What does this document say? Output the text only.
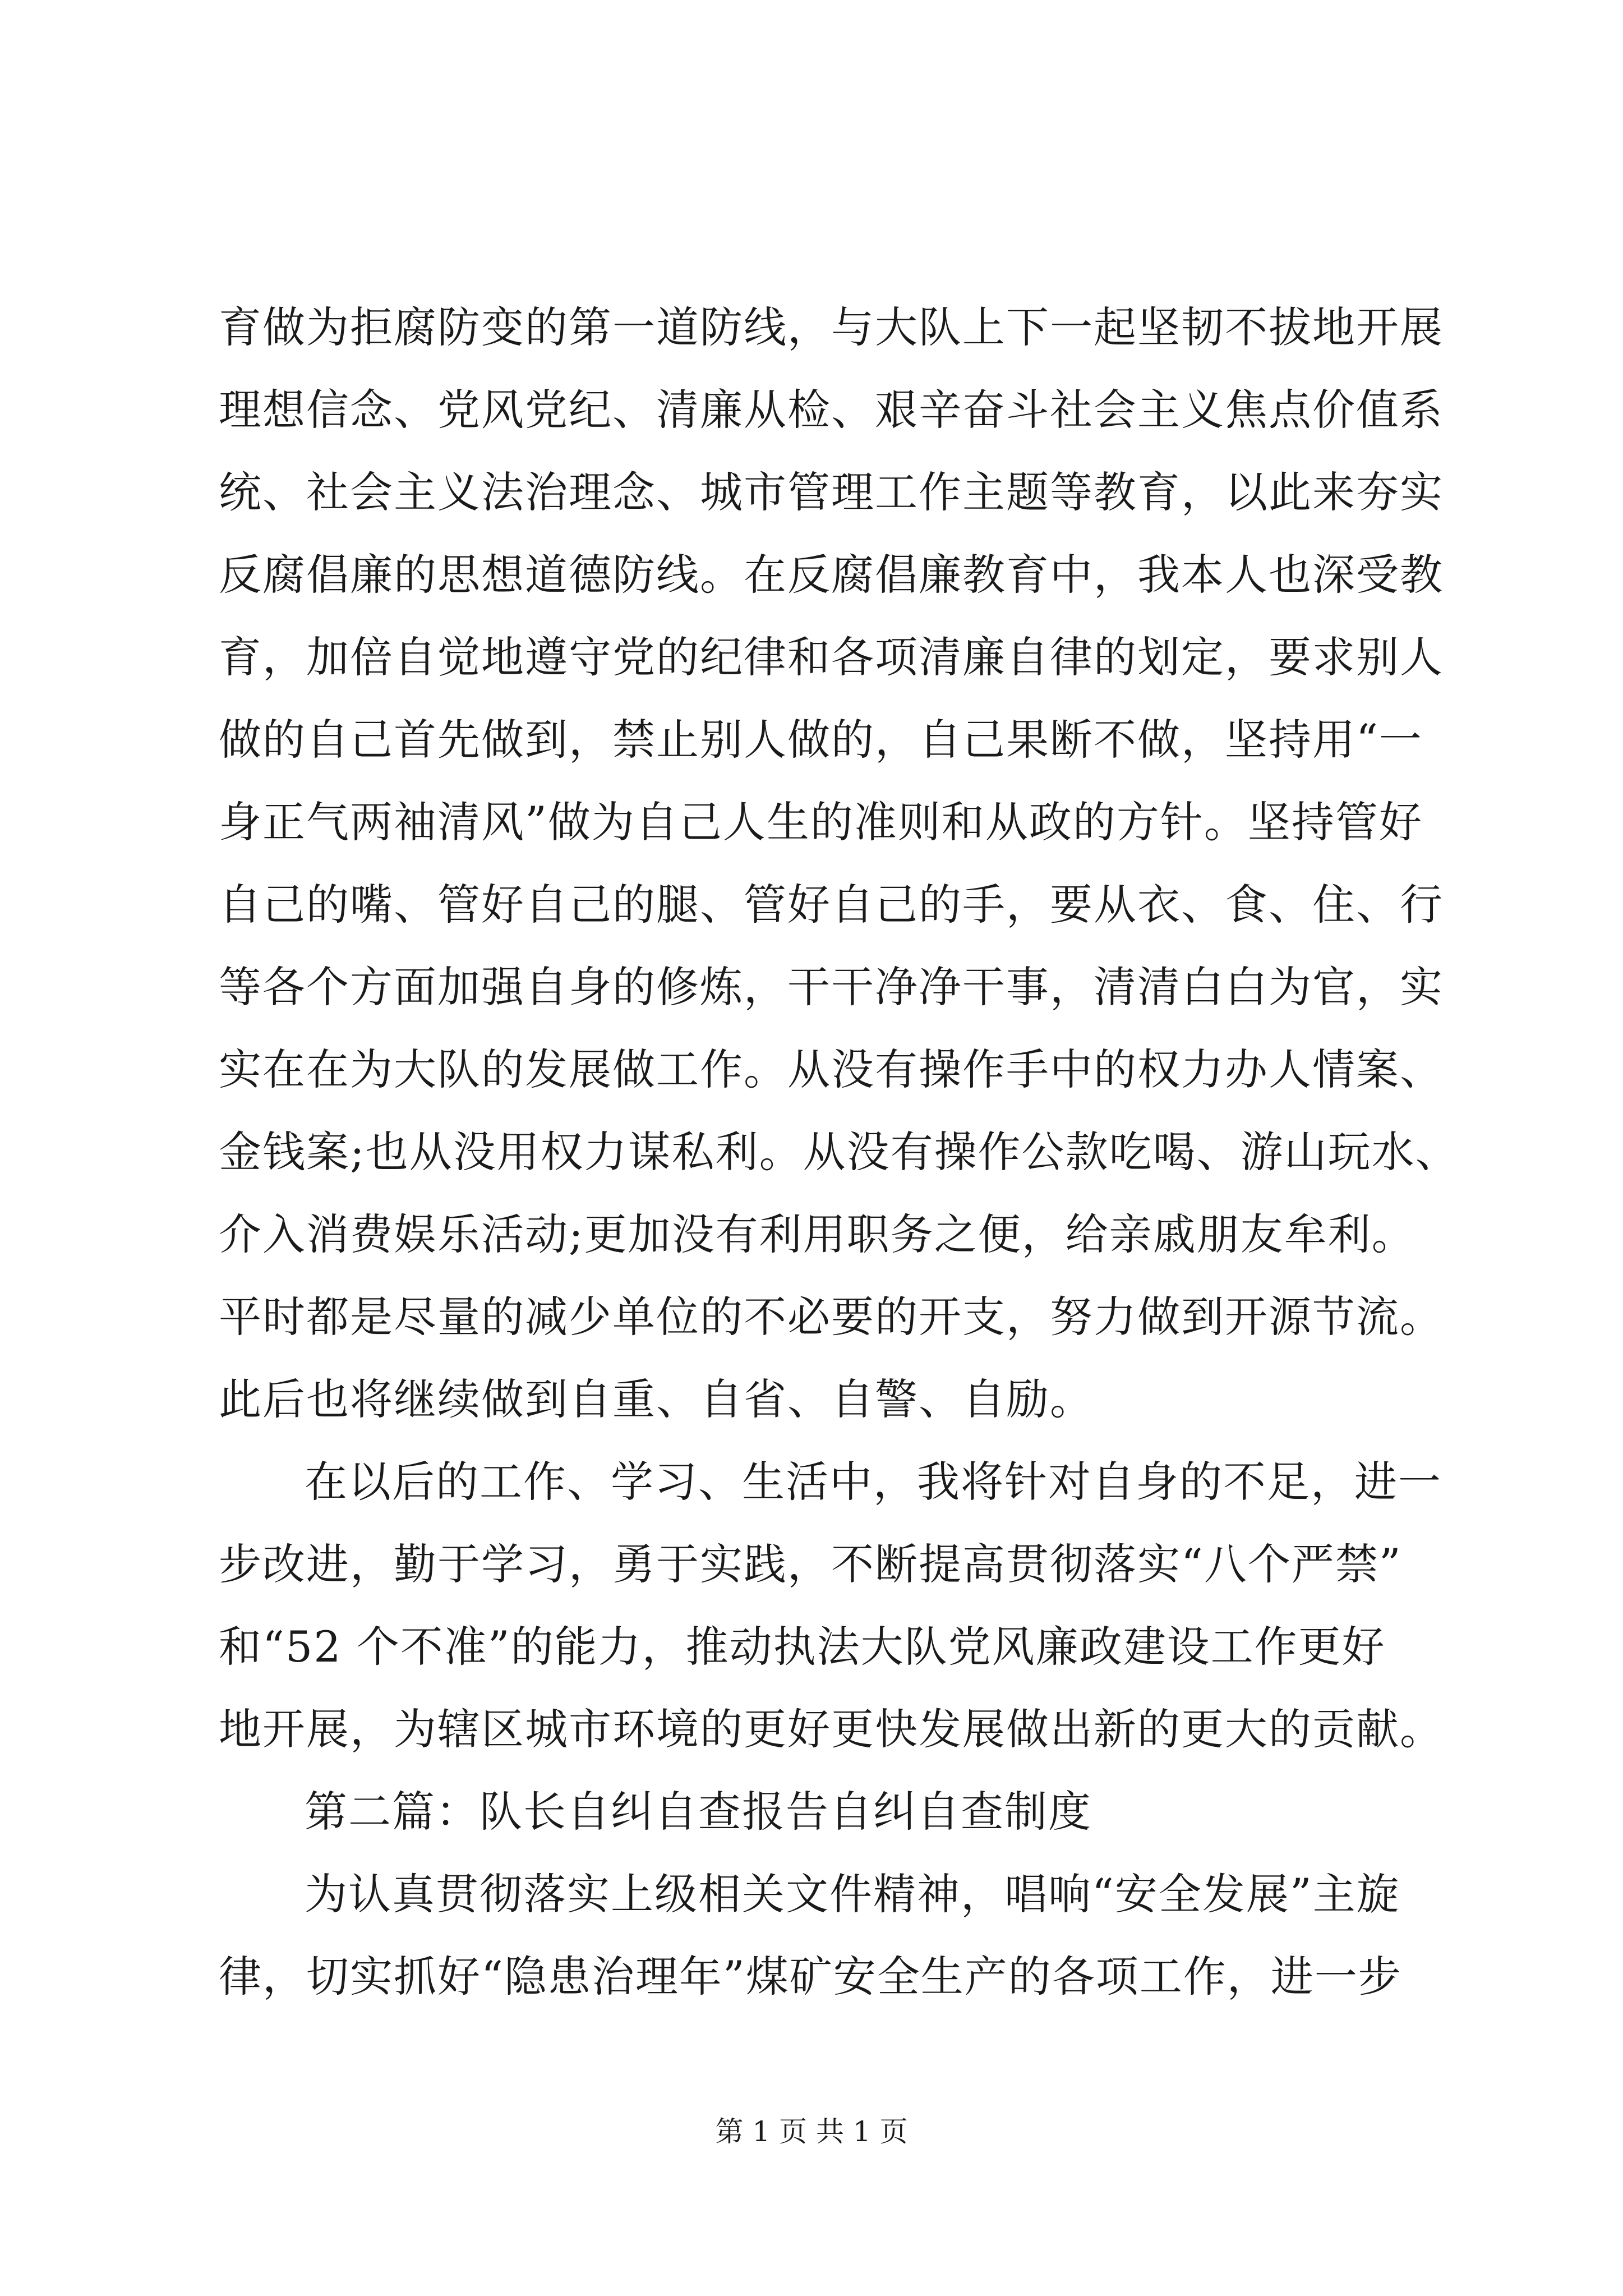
育做为拒腐防变的第一道防线，与大队上下一起坚韧不拔地开展
理想信念、党风党纪、清廉从检、艰辛奋斗社会主义焦点价值系
统、社会主义法治理念、城市管理工作主题等教育，以此来夯实
反腐倡廉的思想道德防线。在反腐倡廉教育中，我本人也深受教
育，加倍自觉地遵守党的纪律和各项清廉自律的划定，要求别人
做的自己首先做到，禁止别人做的，自己果断不做，坚持用“一
身正气两袖清风”做为自己人生的准则和从政的方针。坚持管好
自己的嘴、管好自己的腿、管好自己的手，要从衣、食、住、行
等各个方面加强自身的修炼，干干净净干事，清清白白为官，实
实在在为大队的发展做工作。从没有操作手中的权力办人情案、
金钱案;也从没用权力谋私利。从没有操作公款吃喝、游山玩水、
介入消费娱乐活动;更加没有利用职务之便，给亲戚朋友牟利。
平时都是尽量的减少单位的不必要的开支，努力做到开源节流。
此后也将继续做到自重、自省、自警、自励。
在以后的工作、学习、生活中，我将针对自身的不足，进一
步改进，勤于学习，勇于实践，不断提高贯彻落实“八个严禁”
和“52 个不准”的能力，推动执法大队党风廉政建设工作更好
地开展，为辖区城市环境的更好更快发展做出新的更大的贡献。
第二篇：队长自纠自查报告自纠自查制度
为认真贯彻落实上级相关文件精神，唱响“安全发展”主旋
律，切实抓好“隐患治理年”煤矿安全生产的各项工作，进一步
第 1 页 共 1 页
